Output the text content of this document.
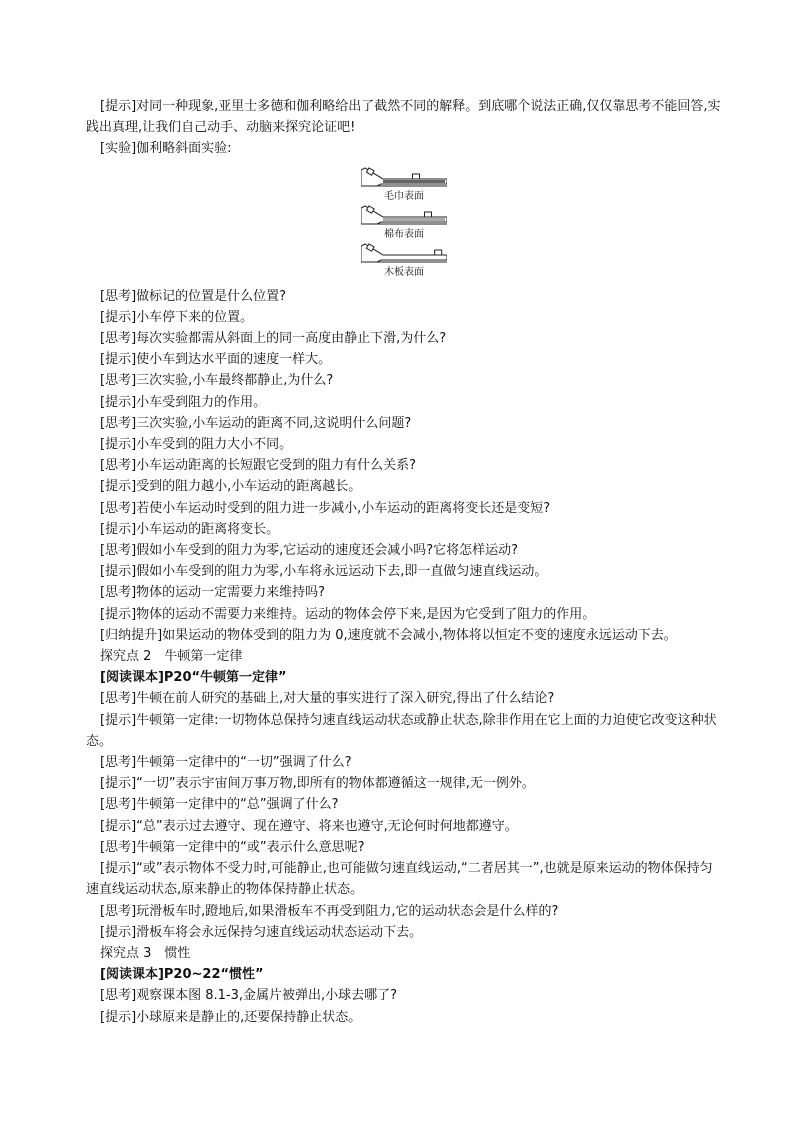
[提示]对同一种现象,亚里士多德和伽利略给出了截然不同的解释。到底哪个说法正确,仅仅靠思考不能回答,实践出真理,让我们自己动手、动脑来探究论证吧!

[实验]伽利略斜面实验:

毛巾表面
棉布表面
木板表面

[思考]做标记的位置是什么位置?

[提示]小车停下来的位置。

[思考]每次实验都需从斜面上的同一高度由静止下滑,为什么?

[提示]使小车到达水平面的速度一样大。

[思考]三次实验,小车最终都静止,为什么?

[提示]小车受到阻力的作用。

[思考]三次实验,小车运动的距离不同,这说明什么问题?

[提示]小车受到的阻力大小不同。

[思考]小车运动距离的长短跟它受到的阻力有什么关系?

[提示]受到的阻力越小,小车运动的距离越长。

[思考]若使小车运动时受到的阻力进一步减小,小车运动的距离将变长还是变短?

[提示]小车运动的距离将变长。

[思考]假如小车受到的阻力为零,它运动的速度还会减小吗?它将怎样运动?

[提示]假如小车受到的阻力为零,小车将永远运动下去,即一直做匀速直线运动。

[思考]物体的运动一定需要力来维持吗?

[提示]物体的运动不需要力来维持。运动的物体会停下来,是因为它受到了阻力的作用。

[归纳提升]如果运动的物体受到的阻力为 0,速度就不会减小,物体将以恒定不变的速度永远运动下去。

探究点 2　牛顿第一定律

[阅读课本]P20“牛顿第一定律”

[思考]牛顿在前人研究的基础上,对大量的事实进行了深入研究,得出了什么结论?

[提示]牛顿第一定律:一切物体总保持匀速直线运动状态或静止状态,除非作用在它上面的力迫使它改变这种状态。

[思考]牛顿第一定律中的“一切”强调了什么?

[提示]“一切”表示宇宙间万事万物,即所有的物体都遵循这一规律,无一例外。

[思考]牛顿第一定律中的“总”强调了什么?

[提示]“总”表示过去遵守、现在遵守、将来也遵守,无论何时何地都遵守。

[思考]牛顿第一定律中的“或”表示什么意思呢?

[提示]“或”表示物体不受力时,可能静止,也可能做匀速直线运动,“二者居其一”,也就是原来运动的物体保持匀速直线运动状态,原来静止的物体保持静止状态。

[思考]玩滑板车时,蹬地后,如果滑板车不再受到阻力,它的运动状态会是什么样的?

[提示]滑板车将会永远保持匀速直线运动状态运动下去。

探究点 3　惯性

[阅读课本]P20~22“惯性”

[思考]观察课本图 8.1-3,金属片被弹出,小球去哪了?

[提示]小球原来是静止的,还要保持静止状态。
